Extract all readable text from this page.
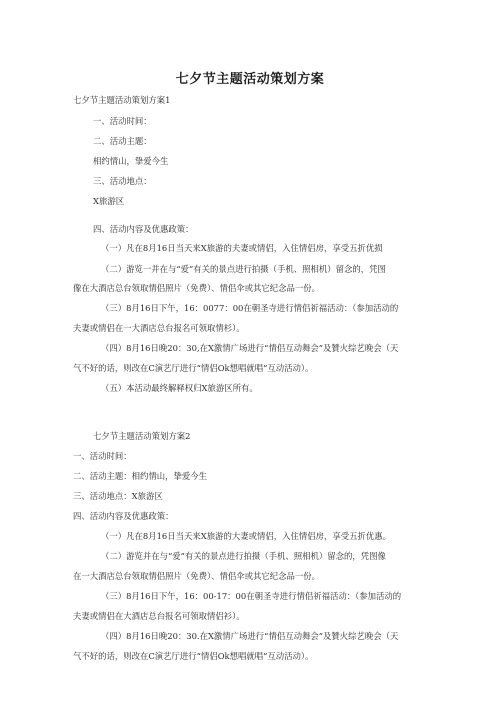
七夕节主题活动策划方案
七夕节主题活动策划方案1
一、活动时间：
二、活动主题：
相约情山，挚爱今生
三、活动地点：
X旅游区
四、活动内容及优惠政策：
（一）凡在8月16日当天来X旅游的夫妻或情侣，入住情侣房，享受五折优损
（二）游览一并在与“爱”有关的景点进行拍摄（手机、照相机）留念的，凭图
像在大酒店总台领取情侣照片（免费）、情侣伞或其它纪念品一份。
（三）8月16日下午，16：0077：00在朝圣寺进行情侣祈福活动：（参加活动的
夫妻或情侣在一大酒店总台报名可领取情杉）。
（四）8月16日晚20：30,在X激情广场进行“情侣互动舞会”及贊火综艺晚会（天
气不好的话，则改在C演艺厅进行“情侣Ok想唱就唱”互动活动）。
（五）本活动最终解释权归X旅游区所有。
七夕节主题活动策划方案2
一、活动时间：
二、活动主题：相约情山，挚爱今生
三、活动地点：X旅游区
四、活动内容及优惠政策：
（一）凡在8月16日当天来X旅游的大妻或情侣，入住情侣房，享受五折优惠。
（二）游览并在与“爱”有关的景点进行拍摄（手机、照相机）留念的，凭图像
在一大酒店总台领取情侣照片（免费）、情侣伞或其它纪念品一份。
（三）8月16日下午，16：00-17：00在朝圣寺进行情侣祈福活动：（参加活动的
夫妻或情侣在大酒店总台报名可领取情侣衫）。
（四）8月16日晚20：30.在X激情广场进行“情侣互动舞会”及贊火综艺晚会（天
气不好的话，则改在C演艺厅进行“情侣Ok想唱就唱”互动活动）。
